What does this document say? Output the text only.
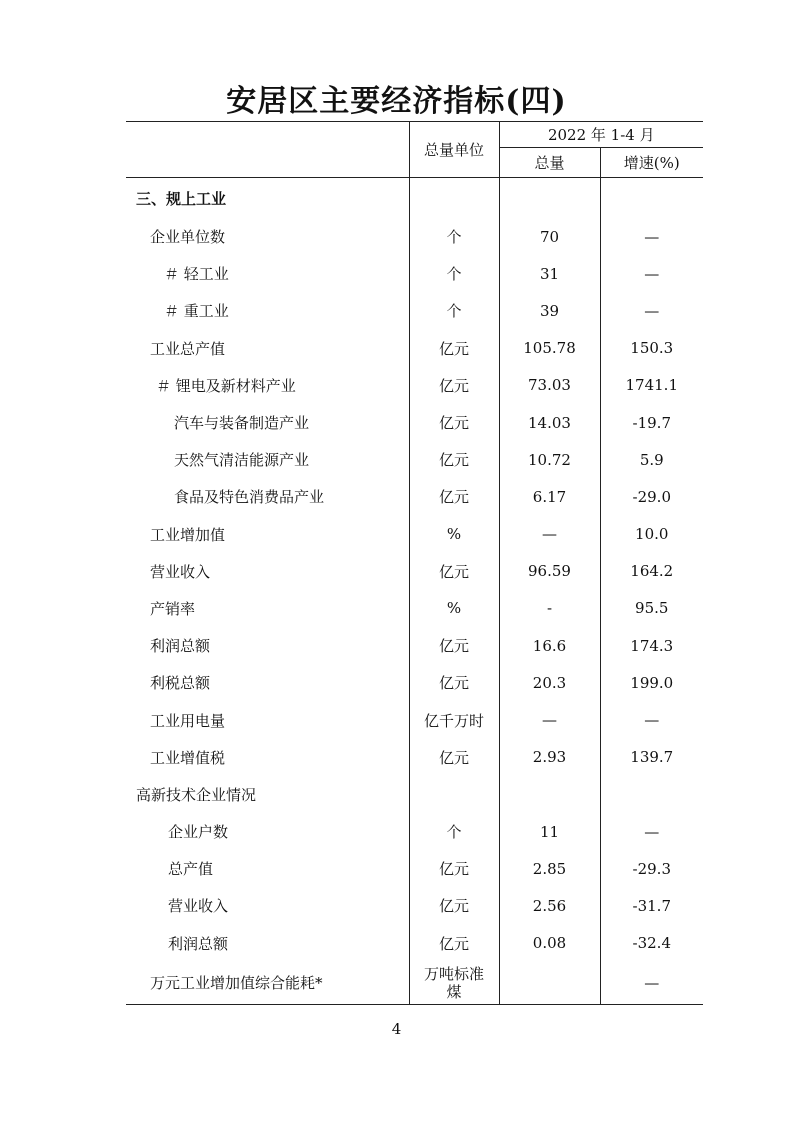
安居区主要经济指标(四)
	总量单位	2022 年 1-4 月	
		总量	增速(%)
三、规上工业			
企业单位数	个	70	—
＃ 轻工业	个	31	—
＃ 重工业	个	39	—
工业总产值	亿元	105.78	150.3
＃ 锂电及新材料产业	亿元	73.03	1741.1
汽车与装备制造产业	亿元	14.03	-19.7
天然气清洁能源产业	亿元	10.72	5.9
食品及特色消费品产业	亿元	6.17	-29.0
工业增加值	%	—	10.0
营业收入	亿元	96.59	164.2
产销率	%	-	95.5
利润总额	亿元	16.6	174.3
利税总额	亿元	20.3	199.0
工业用电量	亿千万时	—	—
工业增值税	亿元	2.93	139.7
高新技术企业情况			
企业户数	个	11	—
总产值	亿元	2.85	-29.3
营业收入	亿元	2.56	-31.7
利润总额	亿元	0.08	-32.4
万元工业增加值综合能耗*	万吨标准煤		—
4
